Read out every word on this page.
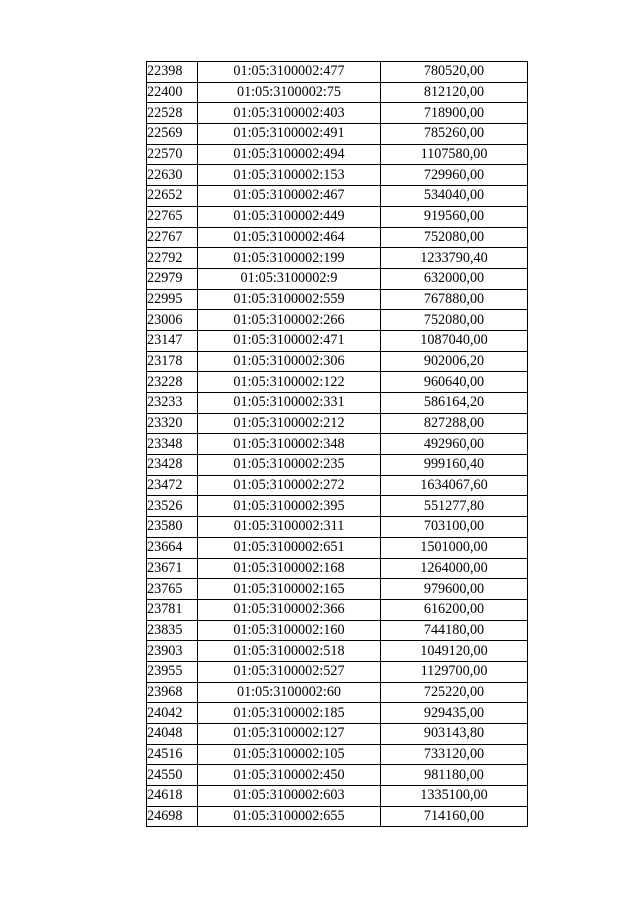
22398	01:05:3100002:477	780520,00
22400	01:05:3100002:75	812120,00
22528	01:05:3100002:403	718900,00
22569	01:05:3100002:491	785260,00
22570	01:05:3100002:494	1107580,00
22630	01:05:3100002:153	729960,00
22652	01:05:3100002:467	534040,00
22765	01:05:3100002:449	919560,00
22767	01:05:3100002:464	752080,00
22792	01:05:3100002:199	1233790,40
22979	01:05:3100002:9	632000,00
22995	01:05:3100002:559	767880,00
23006	01:05:3100002:266	752080,00
23147	01:05:3100002:471	1087040,00
23178	01:05:3100002:306	902006,20
23228	01:05:3100002:122	960640,00
23233	01:05:3100002:331	586164,20
23320	01:05:3100002:212	827288,00
23348	01:05:3100002:348	492960,00
23428	01:05:3100002:235	999160,40
23472	01:05:3100002:272	1634067,60
23526	01:05:3100002:395	551277,80
23580	01:05:3100002:311	703100,00
23664	01:05:3100002:651	1501000,00
23671	01:05:3100002:168	1264000,00
23765	01:05:3100002:165	979600,00
23781	01:05:3100002:366	616200,00
23835	01:05:3100002:160	744180,00
23903	01:05:3100002:518	1049120,00
23955	01:05:3100002:527	1129700,00
23968	01:05:3100002:60	725220,00
24042	01:05:3100002:185	929435,00
24048	01:05:3100002:127	903143,80
24516	01:05:3100002:105	733120,00
24550	01:05:3100002:450	981180,00
24618	01:05:3100002:603	1335100,00
24698	01:05:3100002:655	714160,00
